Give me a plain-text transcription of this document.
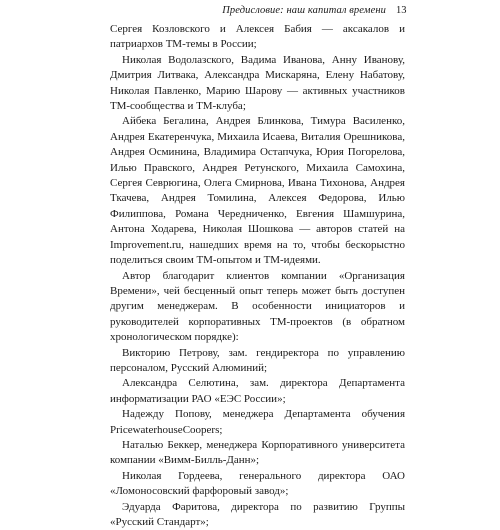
Предисловие: наш капитал времени 13

Сергея Козловского и Алексея Бабия — аксакалов и патриархов ТМ-темы в России;

Николая Водолазского, Вадима Иванова, Анну Иванову, Дмитрия Литвака, Александра Мискаряна, Елену Набатову, Николая Павленко, Марию Шарову — активных участников ТМ-сообщества и ТМ-клуба;

Айбека Бегалина, Андрея Блинкова, Тимура Василенко, Андрея Екатеренчука, Михаила Исаева, Виталия Орешникова, Андрея Осминина, Владимира Остапчука, Юрия Погорелова, Илью Правского, Андрея Ретунского, Михаила Самохина, Сергея Севрюгина, Олега Смирнова, Ивана Тихонова, Андрея Ткачева, Андрея Томилина, Алексея Федорова, Илью Филиппова, Романа Чередниченко, Евгения Шамшурина, Антона Ходарева, Николая Шошкова — авторов статей на Improvement.ru, нашедших время на то, чтобы бескорыстно поделиться своим ТМ-опытом и ТМ-идеями.

Автор благодарит клиентов компании «Организация Времени», чей бесценный опыт теперь может быть доступен другим менеджерам. В особенности инициаторов и руководителей корпоративных ТМ-проектов (в обратном хронологическом порядке):

Викторию Петрову, зам. гендиректора по управлению персоналом, Русский Алюминий;

Александра Селютина, зам. директора Департамента информатизации РАО «ЕЭС России»;

Надежду Попову, менеджера Департамента обучения PricewaterhouseCoopers;

Наталью Беккер, менеджера Корпоративного университета компании «Вимм-Билль-Данн»;

Николая Гордеева, генерального директора ОАО «Ломоносовский фарфоровый завод»;

Эдуарда Фаритова, директора по развитию Группы «Русский Стандарт»;
